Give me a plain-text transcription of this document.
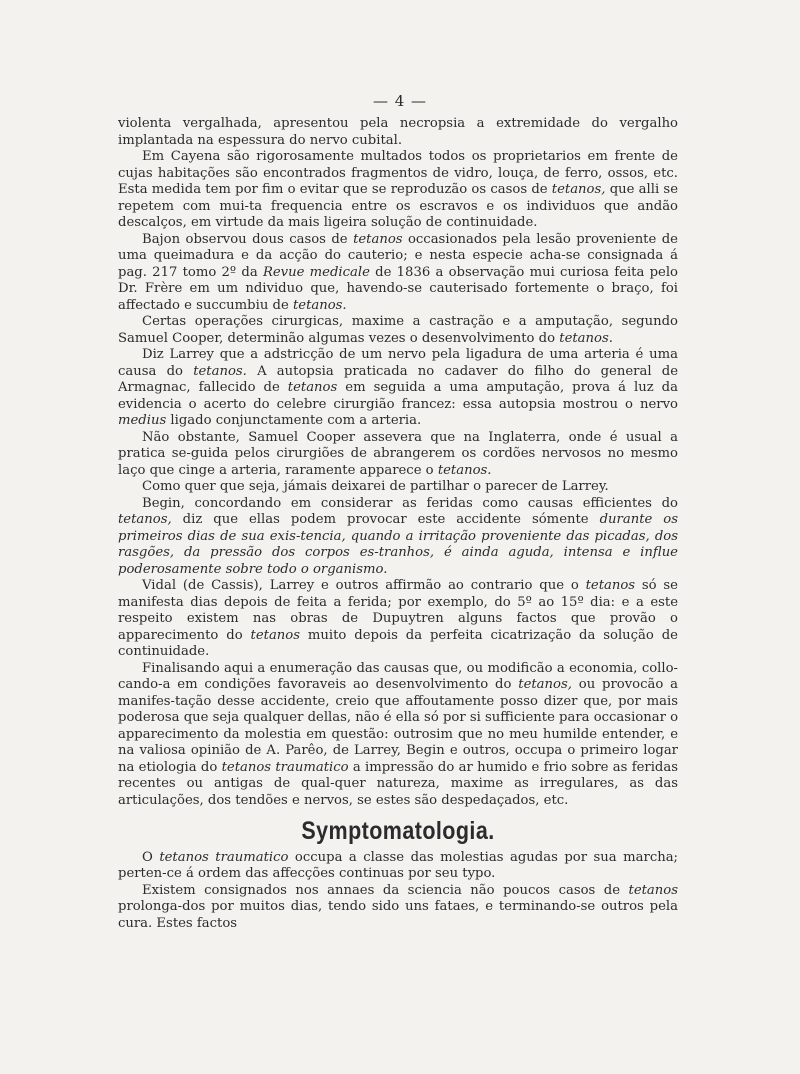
— 4 —

violenta vergalhada, apresentou pela necropsia a extremidade do vergalho implantada na espessura do nervo cubital.

Em Cayena são rigorosamente multados todos os proprietarios em frente de cujas habitações são encontrados fragmentos de vidro, louça, de ferro, ossos, etc. Esta medida tem por fim o evitar que se reproduzão os casos de tetanos, que alli se repetem com mui-ta frequencia entre os escravos e os individuos que andão descalços, em virtude da mais ligeira solução de continuidade.

Bajon observou dous casos de tetanos occasionados pela lesão proveniente de uma queimadura e da acção do cauterio; e nesta especie acha-se consignada á pag. 217 tomo 2º da Revue medicale de 1836 a observação mui curiosa feita pelo Dr. Frère em um ndividuo que, havendo-se cauterisado fortemente o braço, foi affectado e succumbiu de tetanos.

Certas operações cirurgicas, maxime a castração e a amputação, segundo Samuel Cooper, determinão algumas vezes o desenvolvimento do tetanos.

Diz Larrey que a adstricção de um nervo pela ligadura de uma arteria é uma causa do tetanos. A autopsia praticada no cadaver do filho do general de Armagnac, fallecido de tetanos em seguida a uma amputação, prova á luz da evidencia o acerto do celebre cirurgião francez: essa autopsia mostrou o nervo medius ligado conjunctamente com a arteria.

Não obstante, Samuel Cooper assevera que na Inglaterra, onde é usual a pratica se-guida pelos cirurgiões de abrangerem os cordões nervosos no mesmo laço que cinge a arteria, raramente apparece o tetanos.

Como quer que seja, jámais deixarei de partilhar o parecer de Larrey.

Begin, concordando em considerar as feridas como causas efficientes do tetanos, diz que ellas podem provocar este accidente sómente durante os primeiros dias de sua exis-tencia, quando a irritação proveniente das picadas, dos rasgões, da pressão dos corpos es-tranhos, é ainda aguda, intensa e influe poderosamente sobre todo o organismo.

Vidal (de Cassis), Larrey e outros affirmão ao contrario que o tetanos só se manifesta dias depois de feita a ferida; por exemplo, do 5º ao 15º dia: e a este respeito existem nas obras de Dupuytren alguns factos que provão o apparecimento do tetanos muito depois da perfeita cicatrização da solução de continuidade.

Finalisando aqui a enumeração das causas que, ou modificão a economia, collo-cando-a em condições favoraveis ao desenvolvimento do tetanos, ou provocão a manifes-tação desse accidente, creio que affoutamente posso dizer que, por mais poderosa que seja qualquer dellas, não é ella só por si sufficiente para occasionar o apparecimento da molestia em questão: outrosim que no meu humilde entender, e na valiosa opinião de A. Parêo, de Larrey, Begin e outros, occupa o primeiro logar na etiologia do tetanos traumatico a impressão do ar humido e frio sobre as feridas recentes ou antigas de qual-quer natureza, maxime as irregulares, as das articulações, dos tendões e nervos, se estes são despedaçados, etc.

Symptomatologia.

O tetanos traumatico occupa a classe das molestias agudas por sua marcha; perten-ce á ordem das affecções continuas por seu typo.

Existem consignados nos annaes da sciencia não poucos casos de tetanos prolonga-dos por muitos dias, tendo sido uns fataes, e terminando-se outros pela cura. Estes factos
